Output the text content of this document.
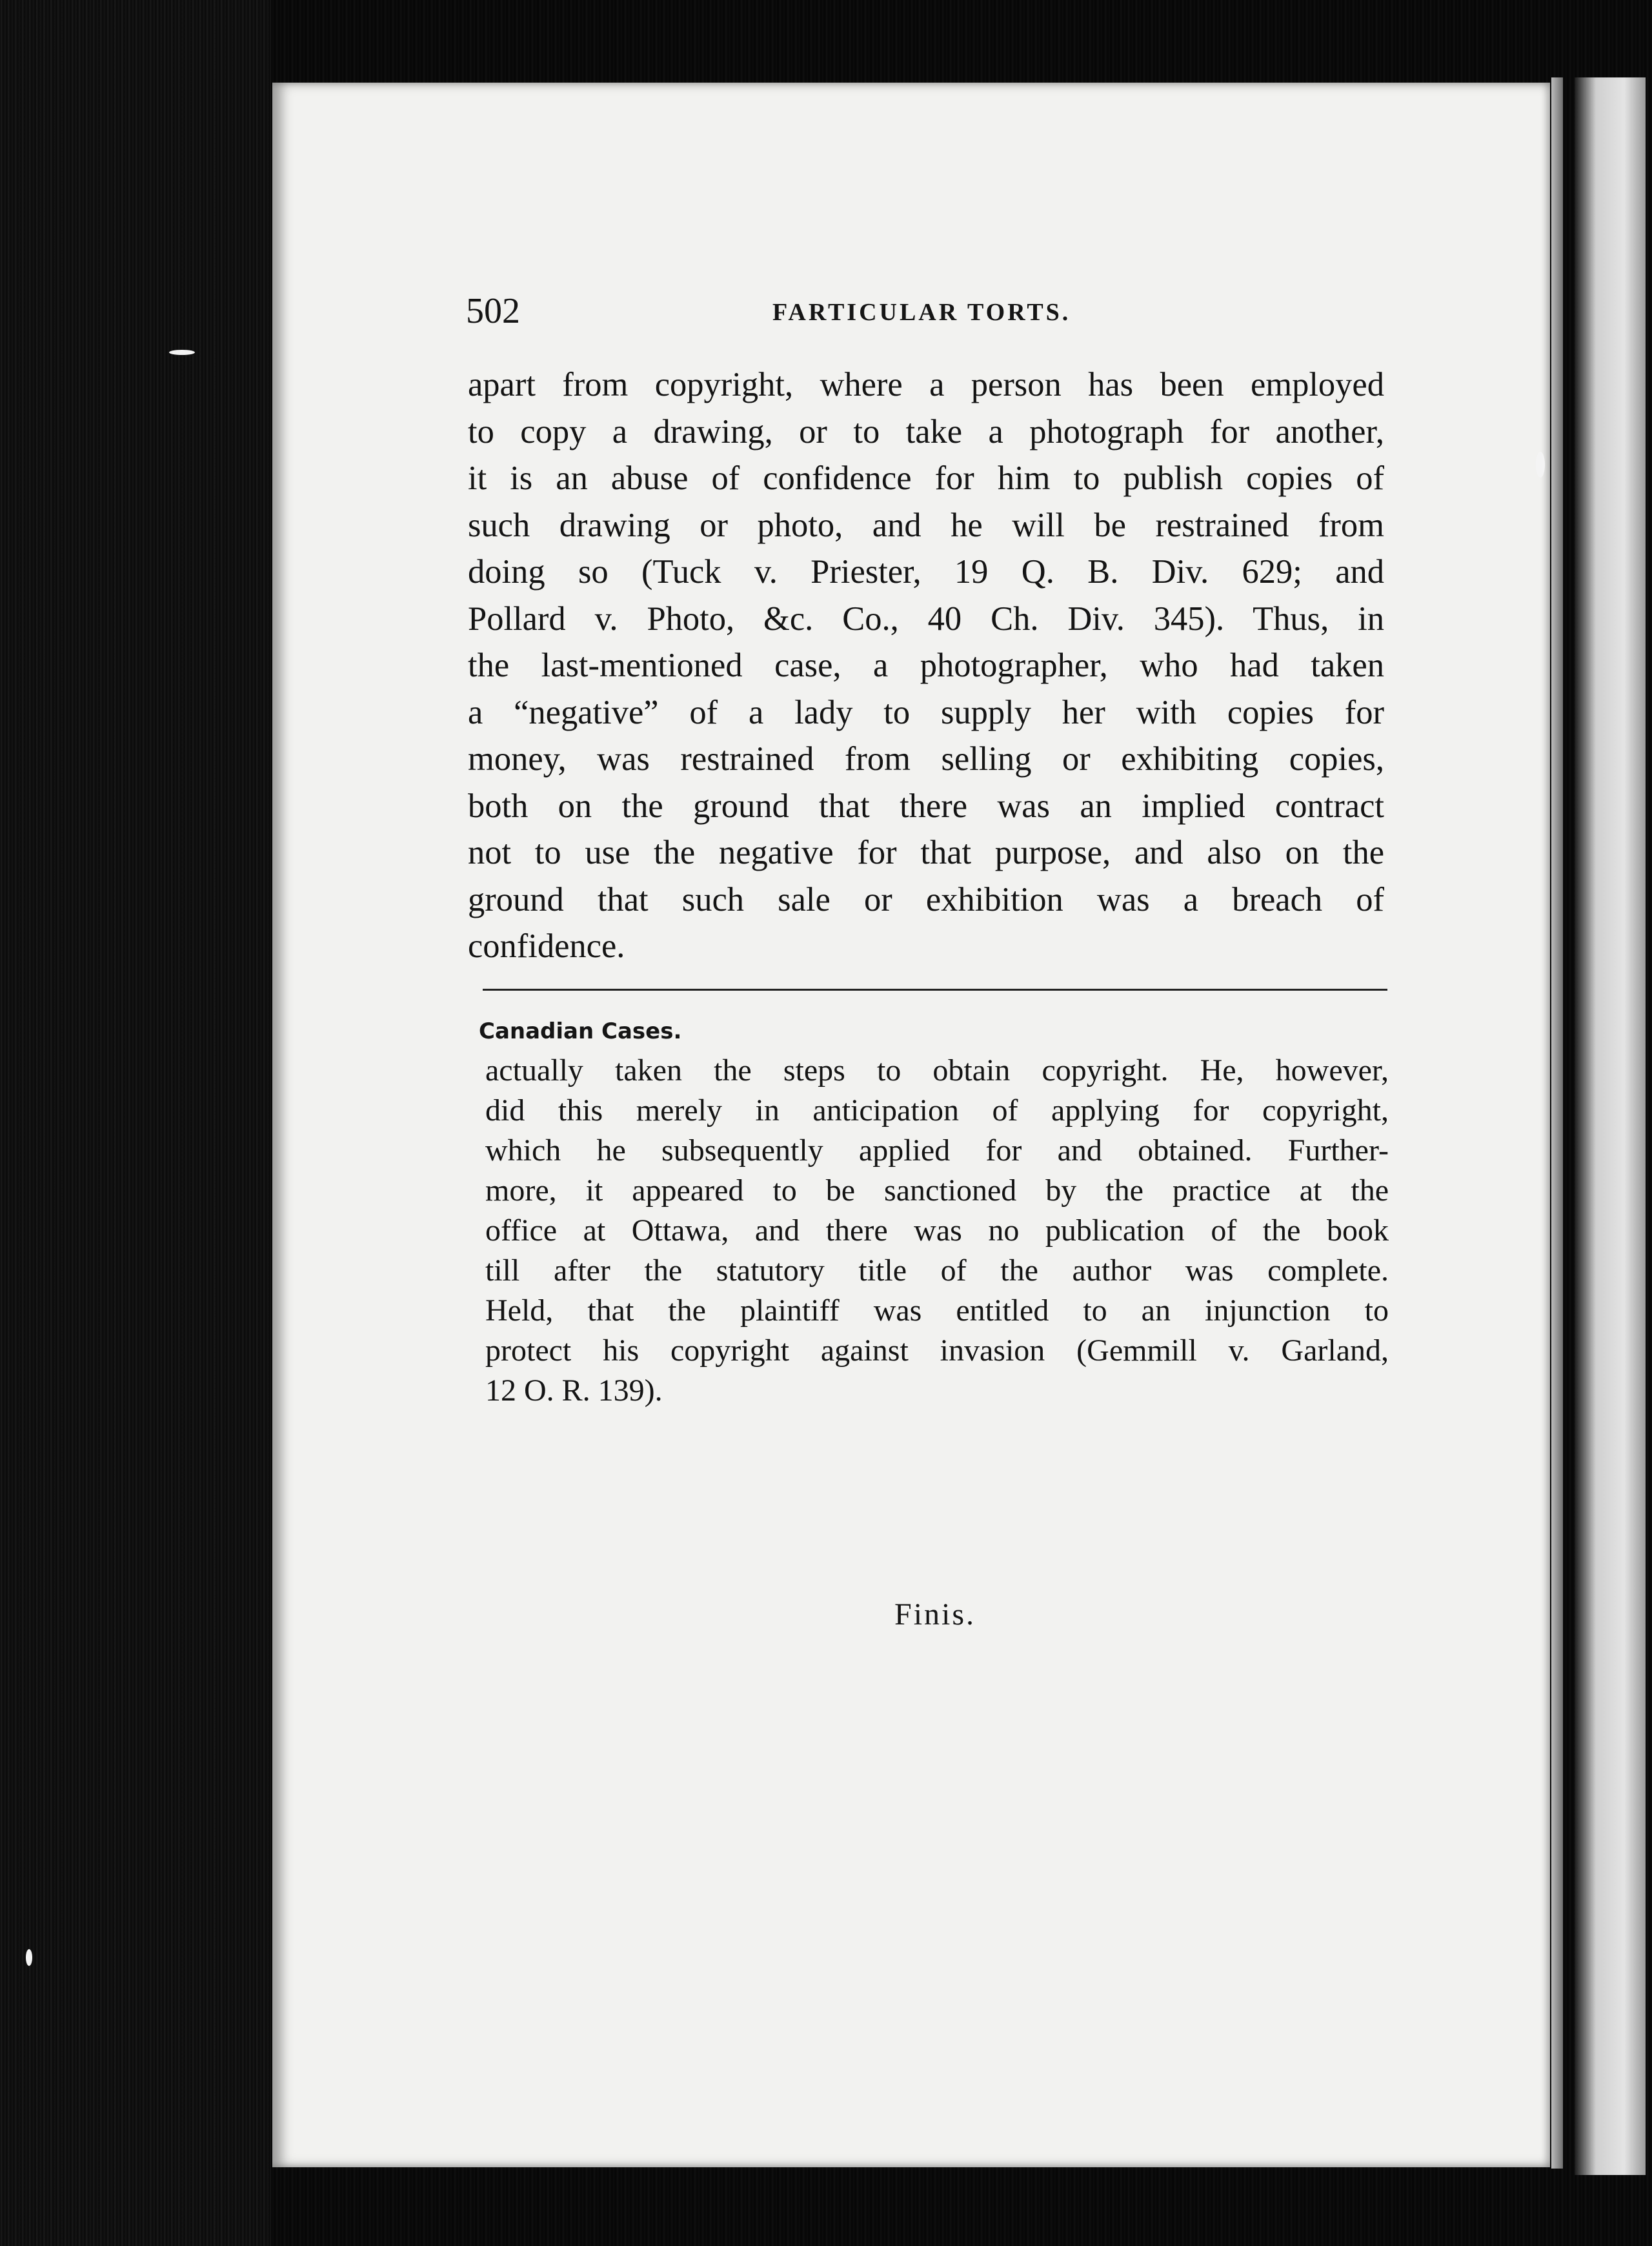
502	FARTICULAR TORTS.
apart from copyright, where a person has been employed
to copy a drawing, or to take a photograph for another,
it is an abuse of confidence for him to publish copies of
such drawing or photo, and he will be restrained from
doing so (Tuck v. Priester, 19 Q. B. Div. 629; and
Pollard v. Photo, &c. Co., 40 Ch. Div. 345). Thus, in
the last-mentioned case, a photographer, who had taken
a “negative” of a lady to supply her with copies for
money, was restrained from selling or exhibiting copies,
both on the ground that there was an implied contract
not to use the negative for that purpose, and also on the
ground that such sale or exhibition was a breach of
confidence.
Canadian Cases.
actually taken the steps to obtain copyright. He, however,
did this merely in anticipation of applying for copyright,
which he subsequently applied for and obtained. Further-
more, it appeared to be sanctioned by the practice at the
office at Ottawa, and there was no publication of the book
till after the statutory title of the author was complete.
Held, that the plaintiff was entitled to an injunction to
protect his copyright against invasion (Gemmill v. Garland,
12 O. R. 139).
Finis.
